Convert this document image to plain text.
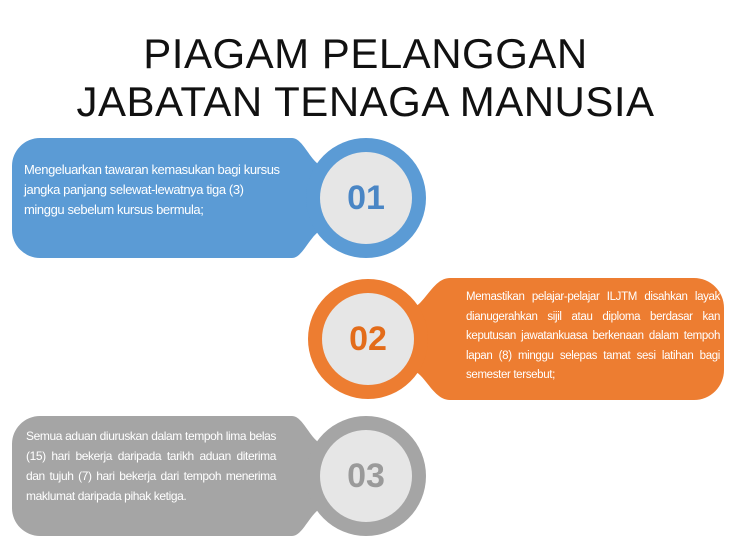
PIAGAM PELANGGAN
JABATAN TENAGA MANUSIA
01
02
03
Mengeluarkan tawaran kemasukan bagi kursus jangka panjang selewat-lewatnya tiga (3) minggu sebelum kursus bermula;
Memastikan pelajar-pelajar ILJTM disahkan layak dianugerahkan sijil atau diploma berdasar kan keputusan jawatankuasa berkenaan dalam tempoh lapan (8) minggu selepas tamat sesi latihan bagi semester tersebut;
Semua aduan diuruskan dalam tempoh lima belas (15) hari bekerja daripada tarikh aduan diterima dan tujuh (7) hari bekerja dari tempoh menerima maklumat daripada pihak ketiga.
